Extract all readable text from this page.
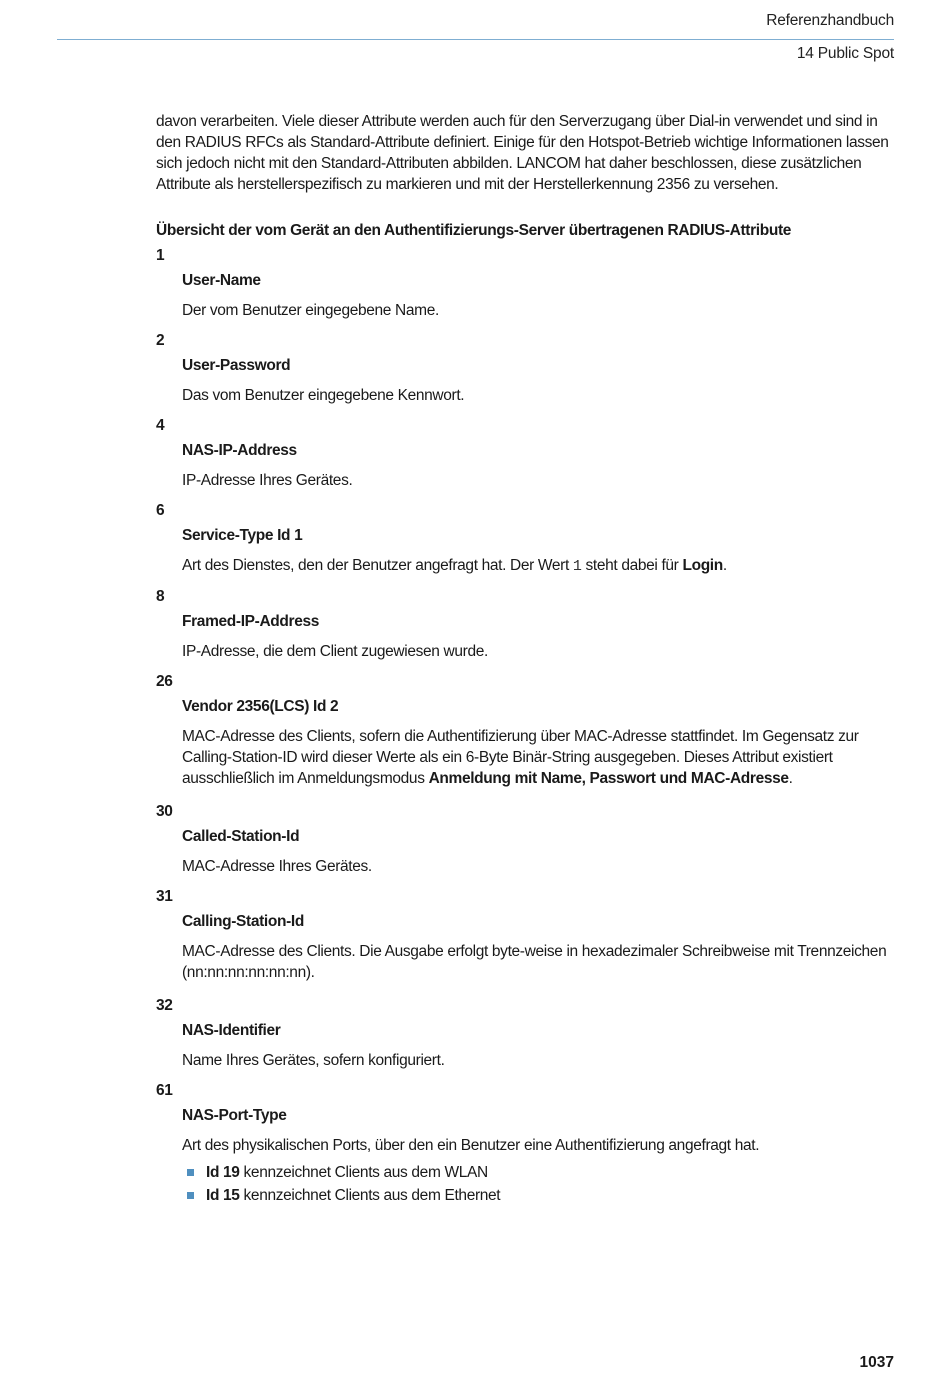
Referenzhandbuch
14 Public Spot

davon verarbeiten. Viele dieser Attribute werden auch für den Serverzugang über Dial-in verwendet und sind in den RADIUS RFCs als Standard-Attribute definiert. Einige für den Hotspot-Betrieb wichtige Informationen lassen sich jedoch nicht mit den Standard-Attributen abbilden. LANCOM hat daher beschlossen, diese zusätzlichen Attribute als herstellerspezifisch zu markieren und mit der Herstellerkennung 2356 zu versehen.

Übersicht der vom Gerät an den Authentifizierungs-Server übertragenen RADIUS-Attribute
1
User-Name
Der vom Benutzer eingegebene Name.
2
User-Password
Das vom Benutzer eingegebene Kennwort.
4
NAS-IP-Address
IP-Adresse Ihres Gerätes.
6
Service-Type Id 1
Art des Dienstes, den der Benutzer angefragt hat. Der Wert 1 steht dabei für Login.
8
Framed-IP-Address
IP-Adresse, die dem Client zugewiesen wurde.
26
Vendor 2356(LCS) Id 2
MAC-Adresse des Clients, sofern die Authentifizierung über MAC-Adresse stattfindet. Im Gegensatz zur Calling-Station-ID wird dieser Werte als ein 6-Byte Binär-String ausgegeben. Dieses Attribut existiert ausschließlich im Anmeldungsmodus Anmeldung mit Name, Passwort und MAC-Adresse.
30
Called-Station-Id
MAC-Adresse Ihres Gerätes.
31
Calling-Station-Id
MAC-Adresse des Clients. Die Ausgabe erfolgt byte-weise in hexadezimaler Schreibweise mit Trennzeichen (nn:nn:nn:nn:nn:nn).
32
NAS-Identifier
Name Ihres Gerätes, sofern konfiguriert.
61
NAS-Port-Type
Art des physikalischen Ports, über den ein Benutzer eine Authentifizierung angefragt hat.
Id 19 kennzeichnet Clients aus dem WLAN
Id 15 kennzeichnet Clients aus dem Ethernet
1037
